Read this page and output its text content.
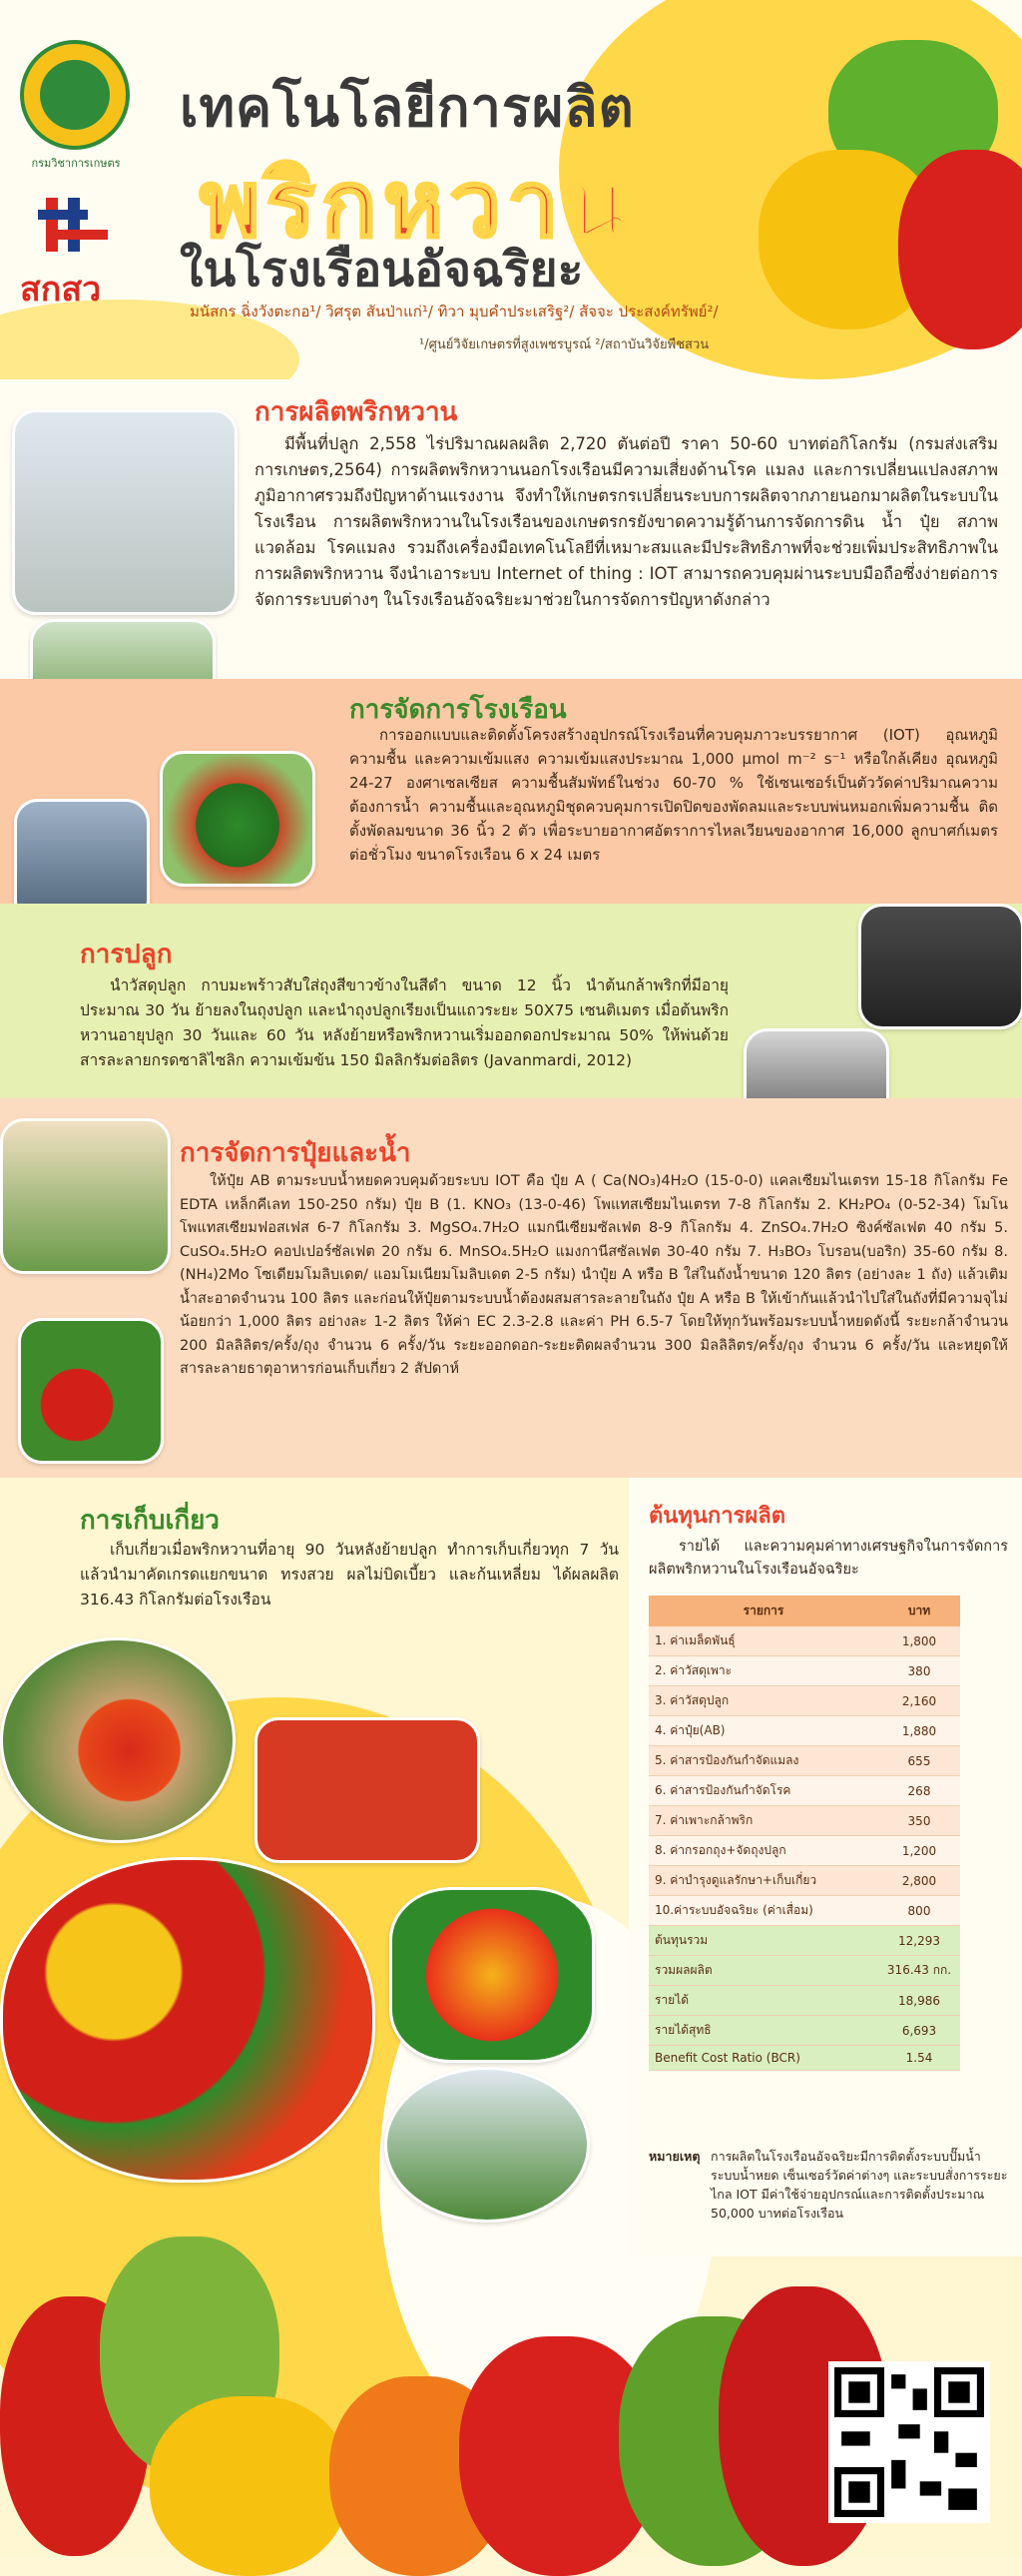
กรมวิชาการเกษตร
สกสว
เทคโนโลยีการผลิต
พริกหวาน
ในโรงเรือนอัจฉริยะ
มนัสกร ฉิ่งวังตะกอ¹/ วิศรุต สันป่าแก่¹/ ทิวา มุบคำประเสริฐ²/ สัจจะ ประสงค์ทรัพย์²/
¹/ศูนย์วิจัยเกษตรที่สูงเพชรบูรณ์ ²/สถาบันวิจัยพืชสวน
การผลิตพริกหวาน
มีพื้นที่ปลูก 2,558 ไร่ปริมาณผลผลิต 2,720 ตันต่อปี ราคา 50-60 บาทต่อกิโลกรัม (กรมส่งเสริมการเกษตร,2564) การผลิตพริกหวานนอกโรงเรือนมีความเสี่ยงด้านโรค แมลง และการเปลี่ยนแปลงสภาพภูมิอากาศรวมถึงปัญหาด้านแรงงาน จึงทำให้เกษตรกรเปลี่ยนระบบการผลิตจากภายนอกมาผลิตในระบบในโรงเรือน การผลิตพริกหวานในโรงเรือนของเกษตรกรยังขาดความรู้ด้านการจัดการดิน น้ำ ปุ๋ย สภาพแวดล้อม โรคแมลง รวมถึงเครื่องมือเทคโนโลยีที่เหมาะสมและมีประสิทธิภาพที่จะช่วยเพิ่มประสิทธิภาพในการผลิตพริกหวาน จึงนำเอาระบบ Internet of thing : IOT สามารถควบคุมผ่านระบบมือถือซึ่งง่ายต่อการจัดการระบบต่างๆ ในโรงเรือนอัจฉริยะมาช่วยในการจัดการปัญหาดังกล่าว
การจัดการโรงเรือน
การออกแบบและติดตั้งโครงสร้างอุปกรณ์โรงเรือนที่ควบคุมภาวะบรรยากาศ (IOT) อุณหภูมิ ความชื้น และความเข้มแสง ความเข้มแสงประมาณ 1,000 µmol m⁻² s⁻¹ หรือใกล้เคียง อุณหภูมิ 24-27 องศาเซลเซียส ความชื้นสัมพัทธ์ในช่วง 60-70 % ใช้เซนเซอร์เป็นตัววัดค่าปริมาณความต้องการน้ำ ความชื้นและอุณหภูมิชุดควบคุมการเปิดปิดของพัดลมและระบบพ่นหมอกเพิ่มความชื้น ติดตั้งพัดลมขนาด 36 นิ้ว 2 ตัว เพื่อระบายอากาศอัตราการไหลเวียนของอากาศ 16,000 ลูกบาศก์เมตรต่อชั่วโมง ขนาดโรงเรือน 6 x 24 เมตร
การปลูก
นำวัสดุปลูก กาบมะพร้าวสับใส่ถุงสีขาวข้างในสีดำ ขนาด 12 นิ้ว นำต้นกล้าพริกที่มีอายุประมาณ 30 วัน ย้ายลงในถุงปลูก และนำถุงปลูกเรียงเป็นแถวระยะ 50X75 เซนติเมตร เมื่อต้นพริกหวานอายุปลูก 30 วันและ 60 วัน หลังย้ายหรือพริกหวานเริ่มออกดอกประมาณ 50% ให้พ่นด้วยสารละลายกรดซาลิไซลิก ความเข้มข้น 150 มิลลิกรัมต่อลิตร (Javanmardi, 2012)
การจัดการปุ๋ยและน้ำ
ให้ปุ๋ย AB ตามระบบน้ำหยดควบคุมด้วยระบบ IOT คือ ปุ๋ย A ( Ca(NO₃)4H₂O (15-0-0) แคลเซียมไนเตรท 15-18 กิโลกรัม Fe EDTA เหล็กคีเลท 150-250 กรัม) ปุ๋ย B (1. KNO₃ (13-0-46) โพแทสเซียมไนเตรท 7-8 กิโลกรัม 2. KH₂PO₄ (0-52-34) โมโนโพแทสเซียมฟอสเฟส 6-7 กิโลกรัม 3. MgSO₄.7H₂O แมกนีเซียมซัลเฟต 8-9 กิโลกรัม 4. ZnSO₄.7H₂O ซิงค์ซัลเฟต 40 กรัม 5. CuSO₄.5H₂O คอปเปอร์ซัลเฟต 20 กรัม 6. MnSO₄.5H₂O แมงกานีสซัลเฟต 30-40 กรัม 7. H₃BO₃ โบรอน(บอริก) 35-60 กรัม 8. (NH₄)2Mo โซเดียมโมลิบเดต/ แอมโมเนียมโมลิบเดต 2-5 กรัม) นำปุ๋ย A หรือ B ใส่ในถังน้ำขนาด 120 ลิตร (อย่างละ 1 ถัง) แล้วเติมน้ำสะอาดจำนวน 100 ลิตร และก่อนให้ปุ๋ยตามระบบน้ำต้องผสมสารละลายในถัง ปุ๋ย A หรือ B ให้เข้ากันแล้วนำไปใส่ในถังที่มีความจุไม่น้อยกว่า 1,000 ลิตร อย่างละ 1-2 ลิตร ให้ค่า EC 2.3-2.8 และค่า PH 6.5-7 โดยให้ทุกวันพร้อมระบบน้ำหยดดังนี้ ระยะกล้าจำนวน 200 มิลลิลิตร/ครั้ง/ถุง จำนวน 6 ครั้ง/วัน ระยะออกดอก-ระยะติดผลจำนวน 300 มิลลิลิตร/ครั้ง/ถุง จำนวน 6 ครั้ง/วัน และหยุดให้สารละลายธาตุอาหารก่อนเก็บเกี่ยว 2 สัปดาห์
การเก็บเกี่ยว
เก็บเกี่ยวเมื่อพริกหวานที่อายุ 90 วันหลังย้ายปลูก ทำการเก็บเกี่ยวทุก 7 วัน แล้วนำมาคัดเกรดแยกขนาด ทรงสวย ผลไม่บิดเบี้ยว และก้นเหลี่ยม ได้ผลผลิต 316.43 กิโลกรัมต่อโรงเรือน
ต้นทุนการผลิต
รายได้ และความคุมค่าทางเศรษฐกิจในการจัดการผลิตพริกหวานในโรงเรือนอัจฉริยะ
รายการ	บาท
1. ค่าเมล็ดพันธุ์	1,800
2. ค่าวัสดุเพาะ	380
3. ค่าวัสดุปลูก	2,160
4. ค่าปุ๋ย(AB)	1,880
5. ค่าสารป้องกันกำจัดแมลง	655
6. ค่าสารป้องกันกำจัดโรค	268
7. ค่าเพาะกล้าพริก	350
8. ค่ากรอกถุง+จัดถุงปลูก	1,200
9. ค่าบำรุงดูแลรักษา+เก็บเกี่ยว	2,800
10.ค่าระบบอัจฉริยะ (ค่าเสื่อม)	800
ต้นทุนรวม	12,293
รวมผลผลิต	316.43 กก.
รายได้	18,986
รายได้สุทธิ	6,693
Benefit Cost Ratio (BCR)	1.54
หมายเหตุ การผลิตในโรงเรือนอัจฉริยะมีการติดตั้งระบบปั๊มน้ำระบบน้ำหยด เซ็นเซอร์วัดค่าต่างๆ และระบบสั่งการระยะไกล IOT มีค่าใช้จ่ายอุปกรณ์และการติดตั้งประมาณ 50,000 บาทต่อโรงเรือน
